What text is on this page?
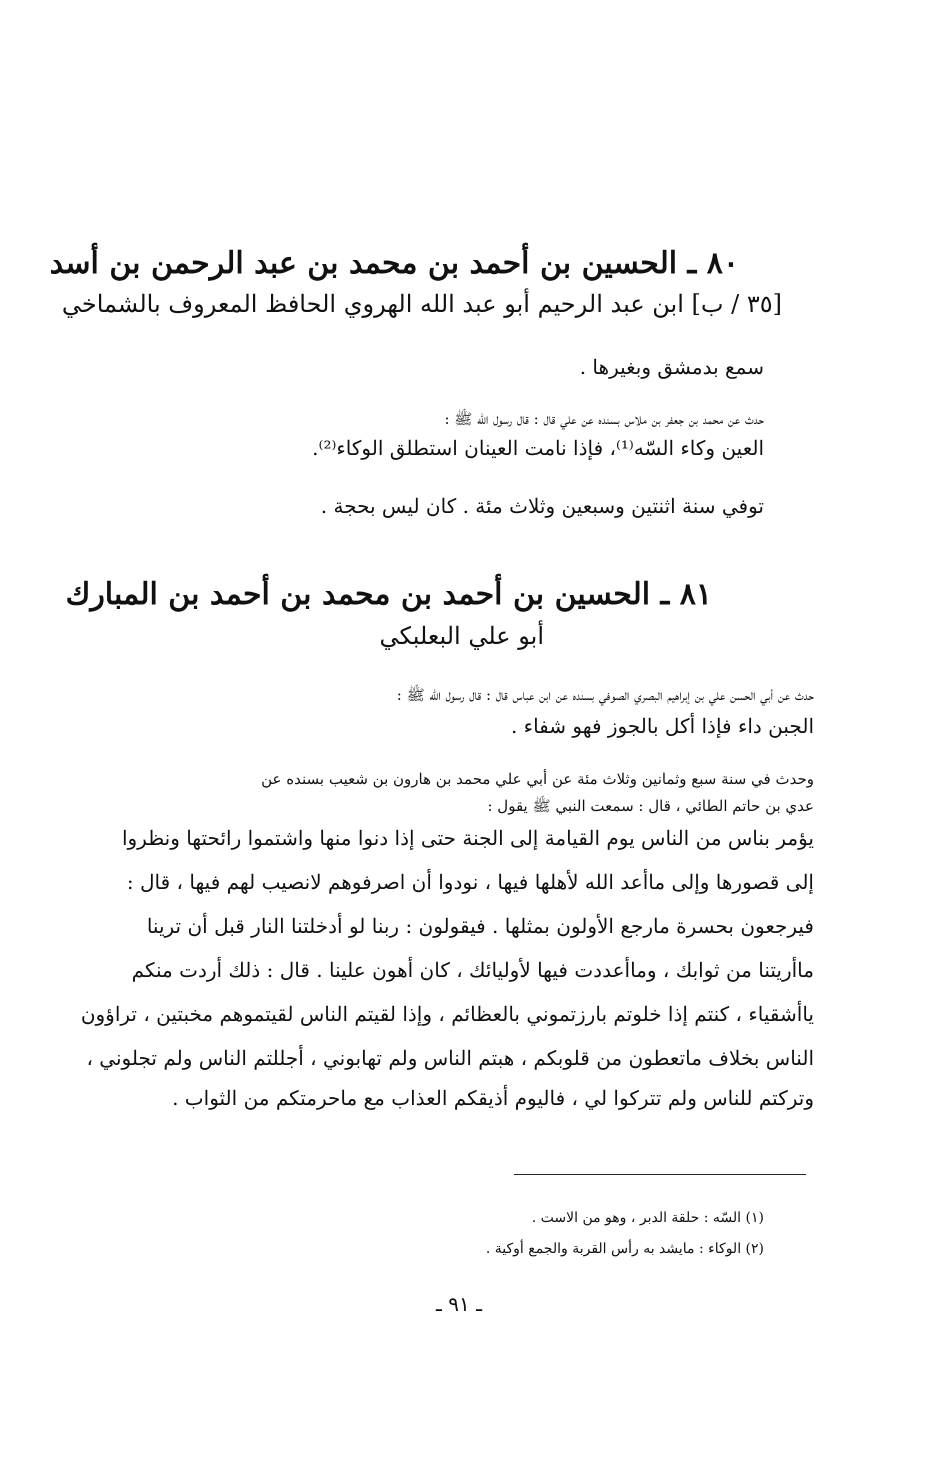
٨٠ ـ الحسين بن أحمد بن محمد بن عبد الرحمن بن أسد
[٣٥ / ب] ابن عبد الرحيم أبو عبد الله الهروي الحافظ المعروف بالشماخي
سمع بدمشق وبغيرها .
حدث عن محمد بن جعفر بن ملاس بسنده عن علي قال : قال رسول الله ﷺ :
العين وكاء السّه⁽¹⁾، فإذا نامت العينان استطلق الوكاء⁽²⁾.
توفي سنة اثنتين وسبعين وثلاث مئة . كان ليس بحجة .
٨١ ـ الحسين بن أحمد بن محمد بن أحمد بن المبارك
أبو علي البعلبكي
حدث عن أبي الحسن علي بن إبراهيم البصري الصوفي بسنده عن ابن عباس قال : قال رسول الله ﷺ :
الجبن داء فإذا أكل بالجوز فهو شفاء .
وحدث في سنة سبع وثمانين وثلاث مئة عن أبي علي محمد بن هارون بن شعيب بسنده عن
عدي بن حاتم الطائي ، قال : سمعت النبي ﷺ يقول :
يؤمر بناس من الناس يوم القيامة إلى الجنة حتى إذا دنوا منها واشتموا رائحتها ونظروا
إلى قصورها وإلى ماأعد الله لأهلها فيها ، نودوا أن اصرفوهم لانصيب لهم فيها ، قال :
فيرجعون بحسرة مارجع الأولون بمثلها . فيقولون : ربنا لو أدخلتنا النار قبل أن ترينا
ماأريتنا من ثوابك ، وماأعددت فيها لأوليائك ، كان أهون علينا . قال : ذلك أردت منكم
ياأشقياء ، كنتم إذا خلوتم بارزتموني بالعظائم ، وإذا لقيتم الناس لقيتموهم مخبتين ، تراؤون
الناس بخلاف ماتعطون من قلوبكم ، هبتم الناس ولم تهابوني ، أجللتم الناس ولم تجلوني ،
وتركتم للناس ولم تتركوا لي ، فاليوم أذيقكم العذاب مع ماحرمتكم من الثواب .
(١) السّه : حلقة الدبر ، وهو من الاست .
(٢) الوكاء : مايشد به رأس القربة والجمع أوكية .
ـ ٩١ ـ
